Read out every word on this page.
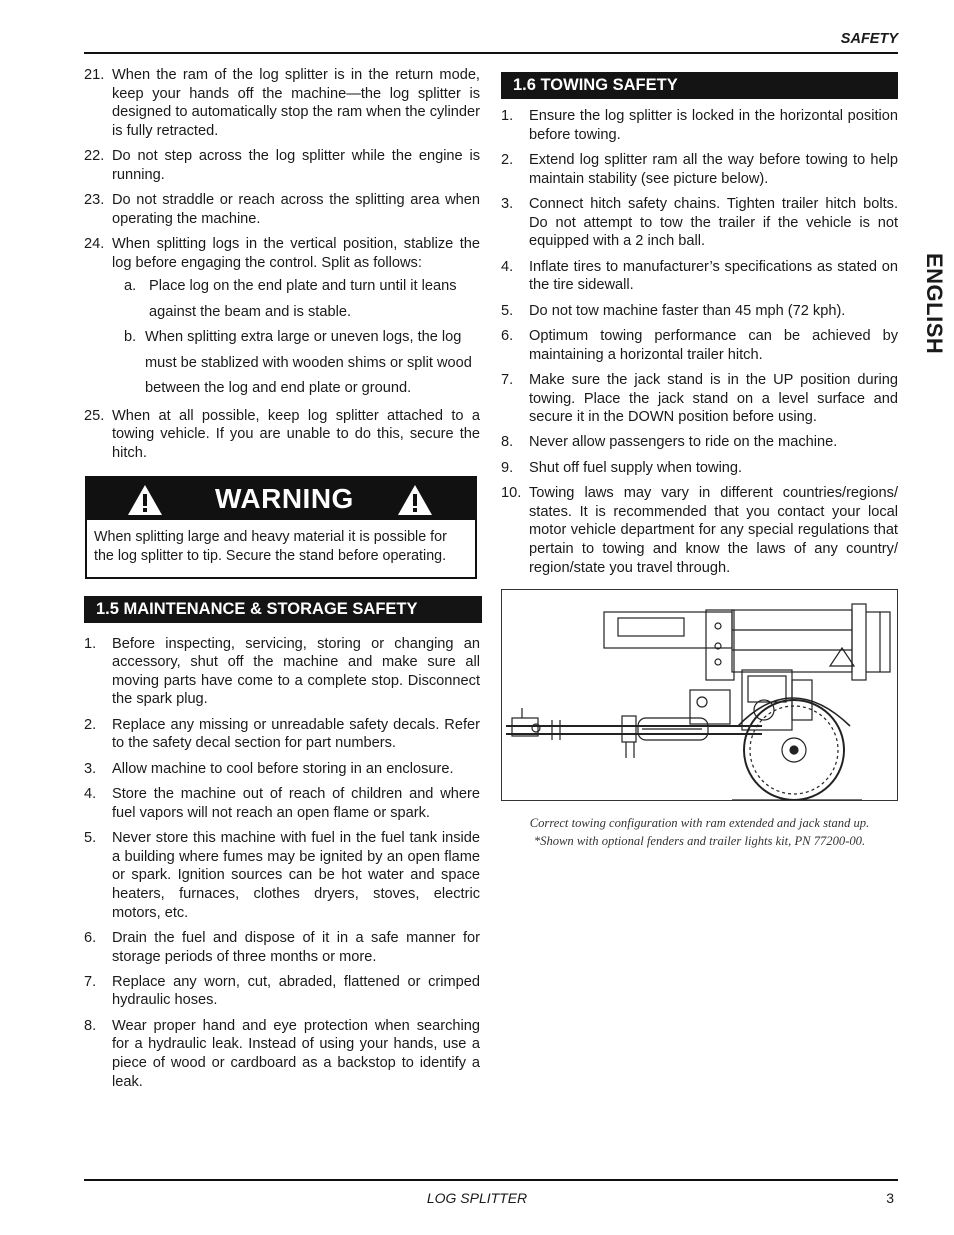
SAFETY
ENGLISH
21. When the ram of the log splitter is in the return mode, keep your hands off the machine—the log splitter is designed to automatically stop the ram when the cylinder is fully retracted.
22. Do not step across the log splitter while the engine is running.
23. Do not straddle or reach across the splitting area when operating the machine.
24. When splitting logs in the vertical position, stablize the log before engaging the control. Split as follows:
a. Place log on the end plate and turn until it leans against the beam and is stable.
b. When splitting extra large or uneven logs, the log must be stablized with wooden shims or split wood between the log and end plate or ground.
25. When at all possible, keep log splitter attached to a towing vehicle. If you are unable to do this, secure the hitch.
WARNING
When splitting large and heavy material it is possible for the log splitter to tip. Secure the stand before operating.
1.5 MAINTENANCE & STORAGE SAFETY
1. Before inspecting, servicing, storing or changing an accessory, shut off the machine and make sure all moving parts have come to a complete stop. Disconnect the spark plug.
2. Replace any missing or unreadable safety decals. Refer to the safety decal section for part numbers.
3. Allow machine to cool before storing in an enclosure.
4. Store the machine out of reach of children and where fuel vapors will not reach an open flame or spark.
5. Never store this machine with fuel in the fuel tank inside a building where fumes may be ignited by an open flame or spark. Ignition sources can be hot water and space heaters, furnaces, clothes dryers, stoves, electric motors, etc.
6. Drain the fuel and dispose of it in a safe manner for storage periods of three months or more.
7. Replace any worn, cut, abraded, flattened or crimped hydraulic hoses.
8. Wear proper hand and eye protection when searching for a hydraulic leak. Instead of using your hands, use a piece of wood or cardboard as a backstop to identify a leak.
1.6 TOWING SAFETY
1. Ensure the log splitter is locked in the horizontal position before towing.
2. Extend log splitter ram all the way before towing to help maintain stability (see picture below).
3. Connect hitch safety chains. Tighten trailer hitch bolts. Do not attempt to tow the trailer if the vehicle is not equipped with a 2 inch ball.
4. Inflate tires to manufacturer’s specifications as stated on the tire sidewall.
5. Do not tow machine faster than 45 mph (72 kph).
6. Optimum towing performance can be achieved by maintaining a horizontal trailer hitch.
7. Make sure the jack stand is in the UP position during towing. Place the jack stand on a level surface and secure it in the DOWN position before using.
8. Never allow passengers to ride on the machine.
9. Shut off fuel supply when towing.
10. Towing laws may vary in different countries/regions/ states. It is recommended that you contact your local motor vehicle department for any special regulations that pertain to towing and know the laws of any country/ region/state you travel through.
Correct towing configuration with ram extended and jack stand up.
*Shown with optional fenders and trailer lights kit, PN 77200-00.
LOG SPLITTER	3
